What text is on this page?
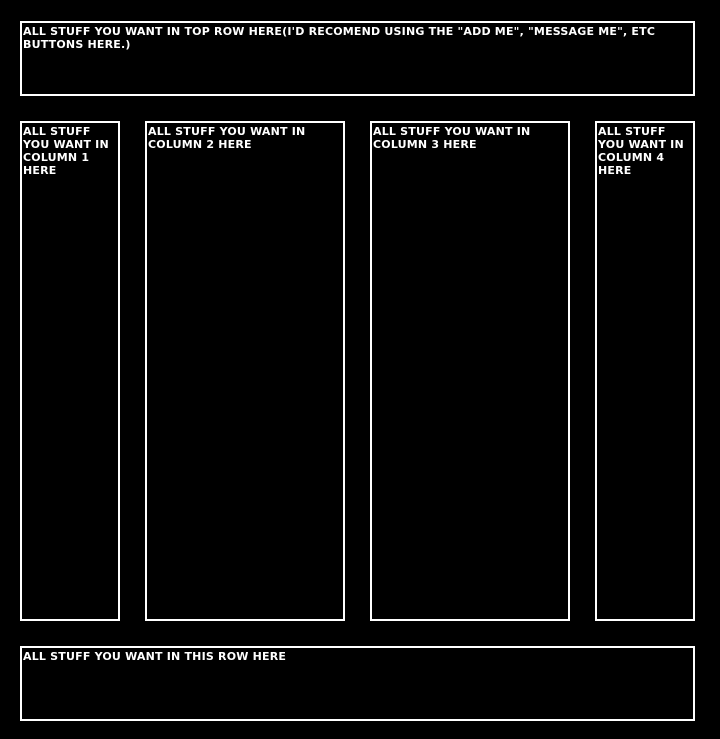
ALL STUFF YOU WANT IN TOP ROW HERE(I'D RECOMEND USING THE "ADD ME", "MESSAGE ME", ETC BUTTONS HERE.)
ALL STUFF YOU WANT IN COLUMN 1 HERE
ALL STUFF YOU WANT IN COLUMN 2 HERE
ALL STUFF YOU WANT IN COLUMN 3 HERE
ALL STUFF YOU WANT IN COLUMN 4 HERE
ALL STUFF YOU WANT IN THIS ROW HERE
